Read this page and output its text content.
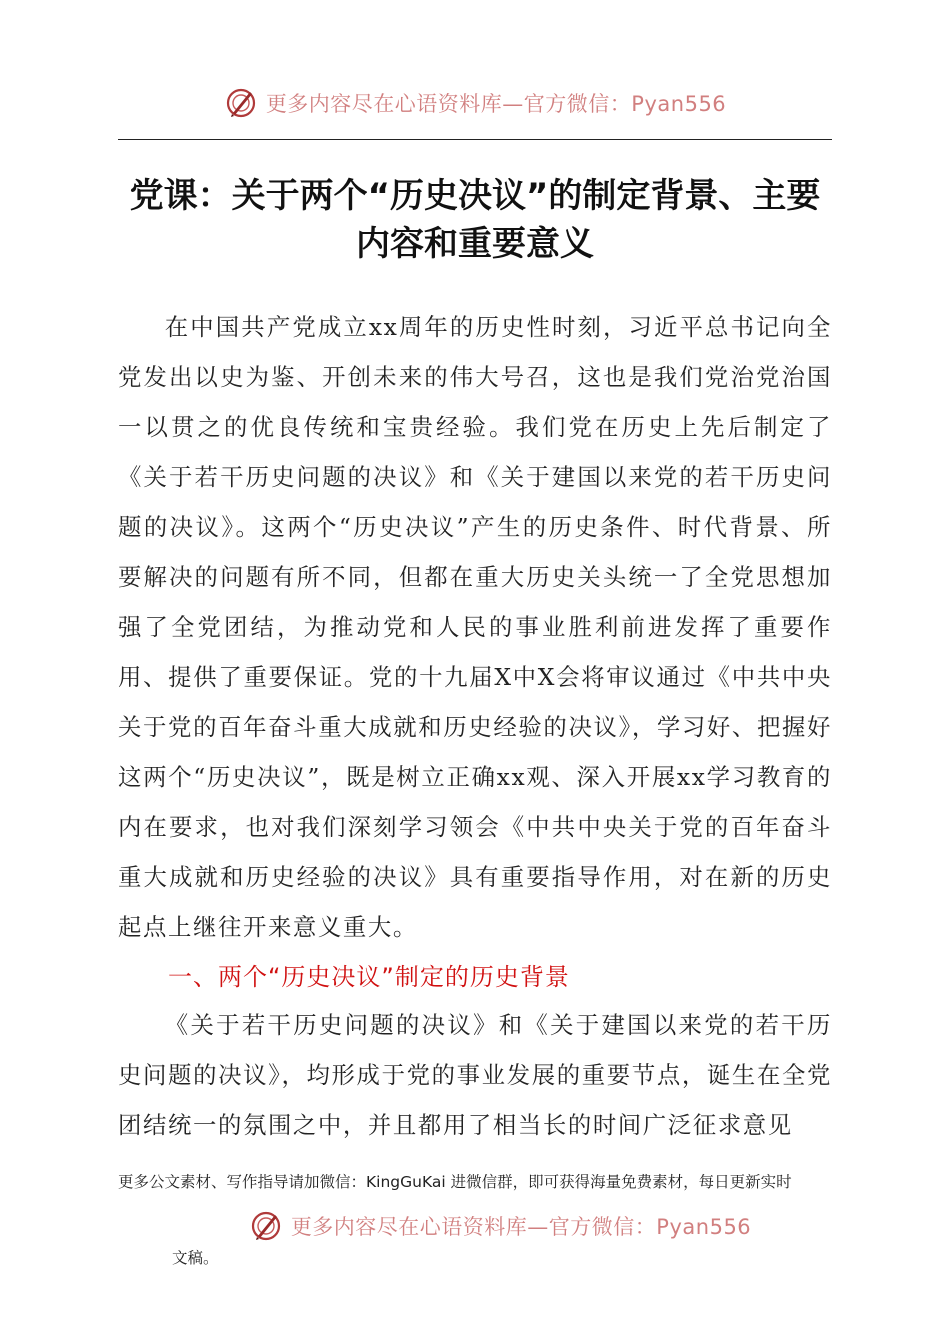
更多内容尽在心语资料库—官方微信：Pyan556
党课：关于两个“历史决议”的制定背景、主要内容和重要意义

在中国共产党成立xx周年的历史性时刻，习近平总书记向全党发出以史为鉴、开创未来的伟大号召，这也是我们党治党治国一以贯之的优良传统和宝贵经验。我们党在历史上先后制定了《关于若干历史问题的决议》和《关于建国以来党的若干历史问题的决议》。这两个“历史决议”产生的历史条件、时代背景、所要解决的问题有所不同，但都在重大历史关头统一了全党思想加强了全党团结，为推动党和人民的事业胜利前进发挥了重要作用、提供了重要保证。党的十九届X中X会将审议通过《中共中央关于党的百年奋斗重大成就和历史经验的决议》，学习好、把握好这两个“历史决议”，既是树立正确xx观、深入开展xx学习教育的内在要求，也对我们深刻学习领会《中共中央关于党的百年奋斗重大成就和历史经验的决议》具有重要指导作用，对在新的历史起点上继往开来意义重大。

一、两个“历史决议”制定的历史背景

《关于若干历史问题的决议》和《关于建国以来党的若干历史问题的决议》，均形成于党的事业发展的重要节点，诞生在全党团结统一的氛围之中，并且都用了相当长的时间广泛征求意见

更多公文素材、写作指导请加微信：KingGuKai 进微信群，即可获得海量免费素材，每日更新实时
更多内容尽在心语资料库—官方微信：Pyan556
文稿。
